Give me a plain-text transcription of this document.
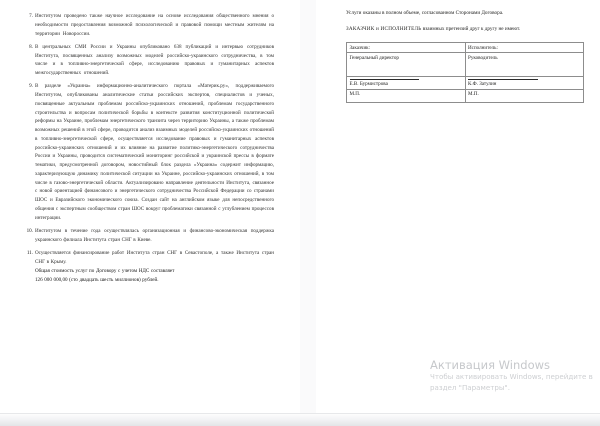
7. Институтом проведено также научное исследование на основе исследования общественного мнения о необходимости предоставления возможной психологической и правовой помощи местным жителям на территории Новороссии.
8. В центральных СМИ России и Украины опубликовано 638 публикаций и интервью сотрудников Института, посвященных анализу возможных моделей российско-украинского сотрудничества, в том числе и в топливно-энергетической сфере, исследованию правовых и гуманитарных аспектов межгосударственных отношений.
9. В разделе «Украина» информационно-аналитического портала «Материк.ру», поддерживаемого Институтом, опубликованы аналитические статьи российских экспертов, специалистов и ученых, посвященные актуальным проблемам российско-украинских отношений, проблемам государственного строительства и вопросам политической борьбы в контексте развития конституционной политической реформы на Украине, проблемам энергетического транзита через территорию Украины, а также проблемам возможных решений в этой сфере, проводится анализ взаимных моделей российско-украинских отношений в топливно-энергетической сфере, осуществляется исследование правовых и гуманитарных аспектов российско-украинских отношений и их влияние на развитие политико-энергетического сотрудничества России и Украины, проводится систематический мониторинг российской и украинской прессы в формате тематики, предусмотренной договором, новостийный блок раздела «Украина» содержит информацию, характеризующую динамику политической ситуации на Украине, российско-украинских отношений, в том числе в газово-энергетической области. Актуализировано направление деятельности Института, связанное с новой ориентацией финансового и энергетического сотрудничества Российской Федерации со странами ШОС и Евразийского экономического союза. Создан сайт на английском языке для непосредственного общения с экспертным сообществом стран ШОС вокруг проблематики связанной с углублением процессов интеграции.
10. Институтом в течение года осуществлялась организационная и финансово-экономическая поддержка украинского филиала Института стран СНГ в Киеве.
11. Осуществляется финансирование работ Института стран СНГ в Севастополе, а также Института стран СНГ в Крыму.
Общая стоимость услуг по Договору с учетом НДС составляет
126 000 000,00 (сто двадцать шесть миллионов) рублей.
Услуги оказаны в полном объеме, согласованном Сторонами Договора.
ЗАКАЗЧИК и ИСПОЛНИТЕЛЬ взаимных претензий друг к другу не имеют.
Заказчик:	Исполнитель:
Генеральный директор	Руководитель

Е.В. Бурмистрова	К.Ф. Затулин
М.П.	М.П.
Активация Windows
Чтобы активировать Windows, перейдите в
раздел "Параметры".
